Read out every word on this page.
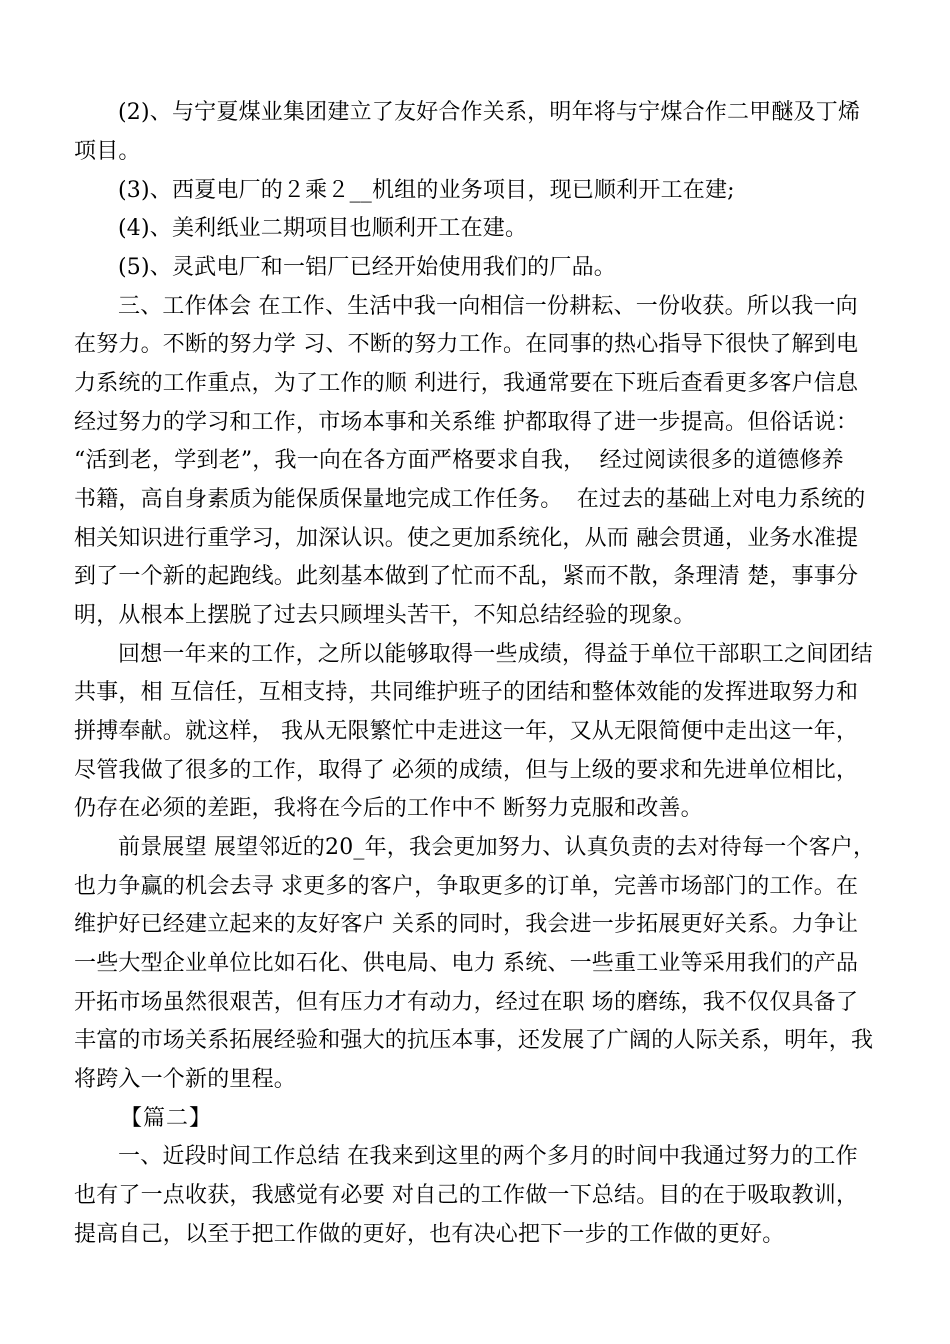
(2)、与宁夏煤业集团建立了友好合作关系，明年将与宁煤合作二甲醚及丁烯
项目。
(3)、西夏电厂的２乘２__机组的业务项目，现已顺利开工在建;
(4)、美利纸业二期项目也顺利开工在建。
(5)、灵武电厂和一铝厂已经开始使用我们的厂品。
三、工作体会 在工作、生活中我一向相信一份耕耘、一份收获。所以我一向
在努力。不断的努力学 习、不断的努力工作。在同事的热心指导下很快了解到电
力系统的工作重点，为了工作的顺 利进行，我通常要在下班后查看更多客户信息
经过努力的学习和工作，市场本事和关系维 护都取得了进一步提高。但俗话说：
“活到老，学到老”，我一向在各方面严格要求自我，  经过阅读很多的道德修养
书籍，高自身素质为能保质保量地完成工作任务。  在过去的基础上对电力系统的
相关知识进行重学习，加深认识。使之更加系统化，从而 融会贯通，业务水准提
到了一个新的起跑线。此刻基本做到了忙而不乱，紧而不散，条理清 楚，事事分
明，从根本上摆脱了过去只顾埋头苦干，不知总结经验的现象。
回想一年来的工作，之所以能够取得一些成绩，得益于单位干部职工之间团结
共事，相 互信任，互相支持，共同维护班子的团结和整体效能的发挥进取努力和
拼搏奉献。就这样， 我从无限繁忙中走进这一年，又从无限简便中走出这一年，
尽管我做了很多的工作，取得了 必须的成绩，但与上级的要求和先进单位相比，
仍存在必须的差距，我将在今后的工作中不 断努力克服和改善。
前景展望 展望邻近的20_年，我会更加努力、认真负责的去对待每一个客户，
也力争赢的机会去寻 求更多的客户，争取更多的订单，完善市场部门的工作。在
维护好已经建立起来的友好客户 关系的同时，我会进一步拓展更好关系。力争让
一些大型企业单位比如石化、供电局、电力 系统、一些重工业等采用我们的产品
开拓市场虽然很艰苦，但有压力才有动力，经过在职 场的磨练，我不仅仅具备了
丰富的市场关系拓展经验和强大的抗压本事，还发展了广阔的人际关系，明年，我
将跨入一个新的里程。
【篇二】
一、近段时间工作总结 在我来到这里的两个多月的时间中我通过努力的工作
也有了一点收获，我感觉有必要 对自己的工作做一下总结。目的在于吸取教训，
提高自己，以至于把工作做的更好，也有决心把下一步的工作做的更好。
